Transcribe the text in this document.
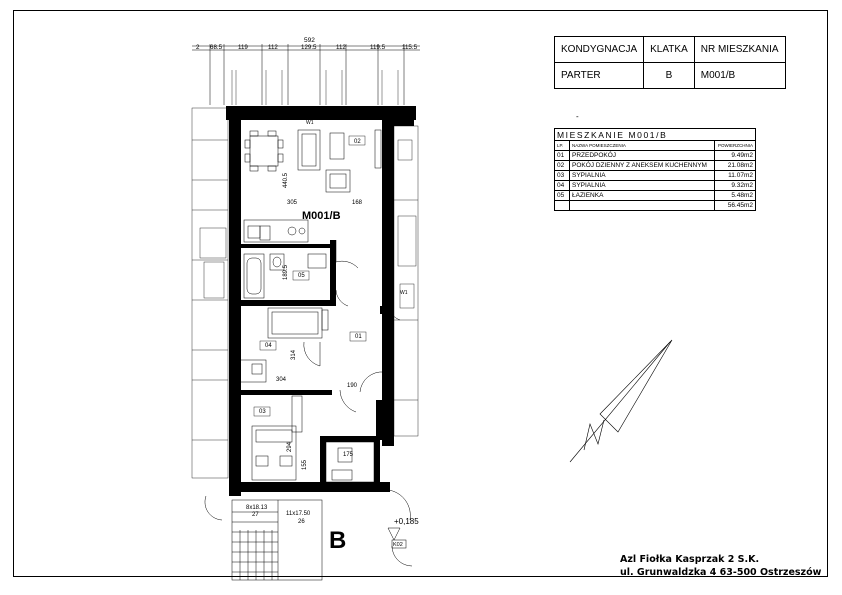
592
2 68.5	119	112	129.5	112	119.5	115.5
W1
W1
M001/B
440.5
305	168
189.5
314
304
190
294
155
175
02
05
04
01
03
8x18.13
27	11x17.50
26
B
+0,185
K02
KONDYGNACJA	KLATKA	NR MIESZKANIA
PARTER	B	M001/B
-
MIESZKANIE M001/B		
LP.	NAZWA POMIESZCZENIA	POWIERZCHNIA
01	PRZEDPOKÓJ	9.49m2
02	POKÓJ DZIENNY Z ANEKSEM KUCHENNYM	21.08m2
03	SYPIALNIA	11.07m2
04	SYPIALNIA	9.32m2
05	ŁAZIENKA	5.48m2
		56.45m2
Azl Fiołka Kasprzak 2 S.K.
ul. Grunwaldzka 4 63-500 Ostrzeszów
